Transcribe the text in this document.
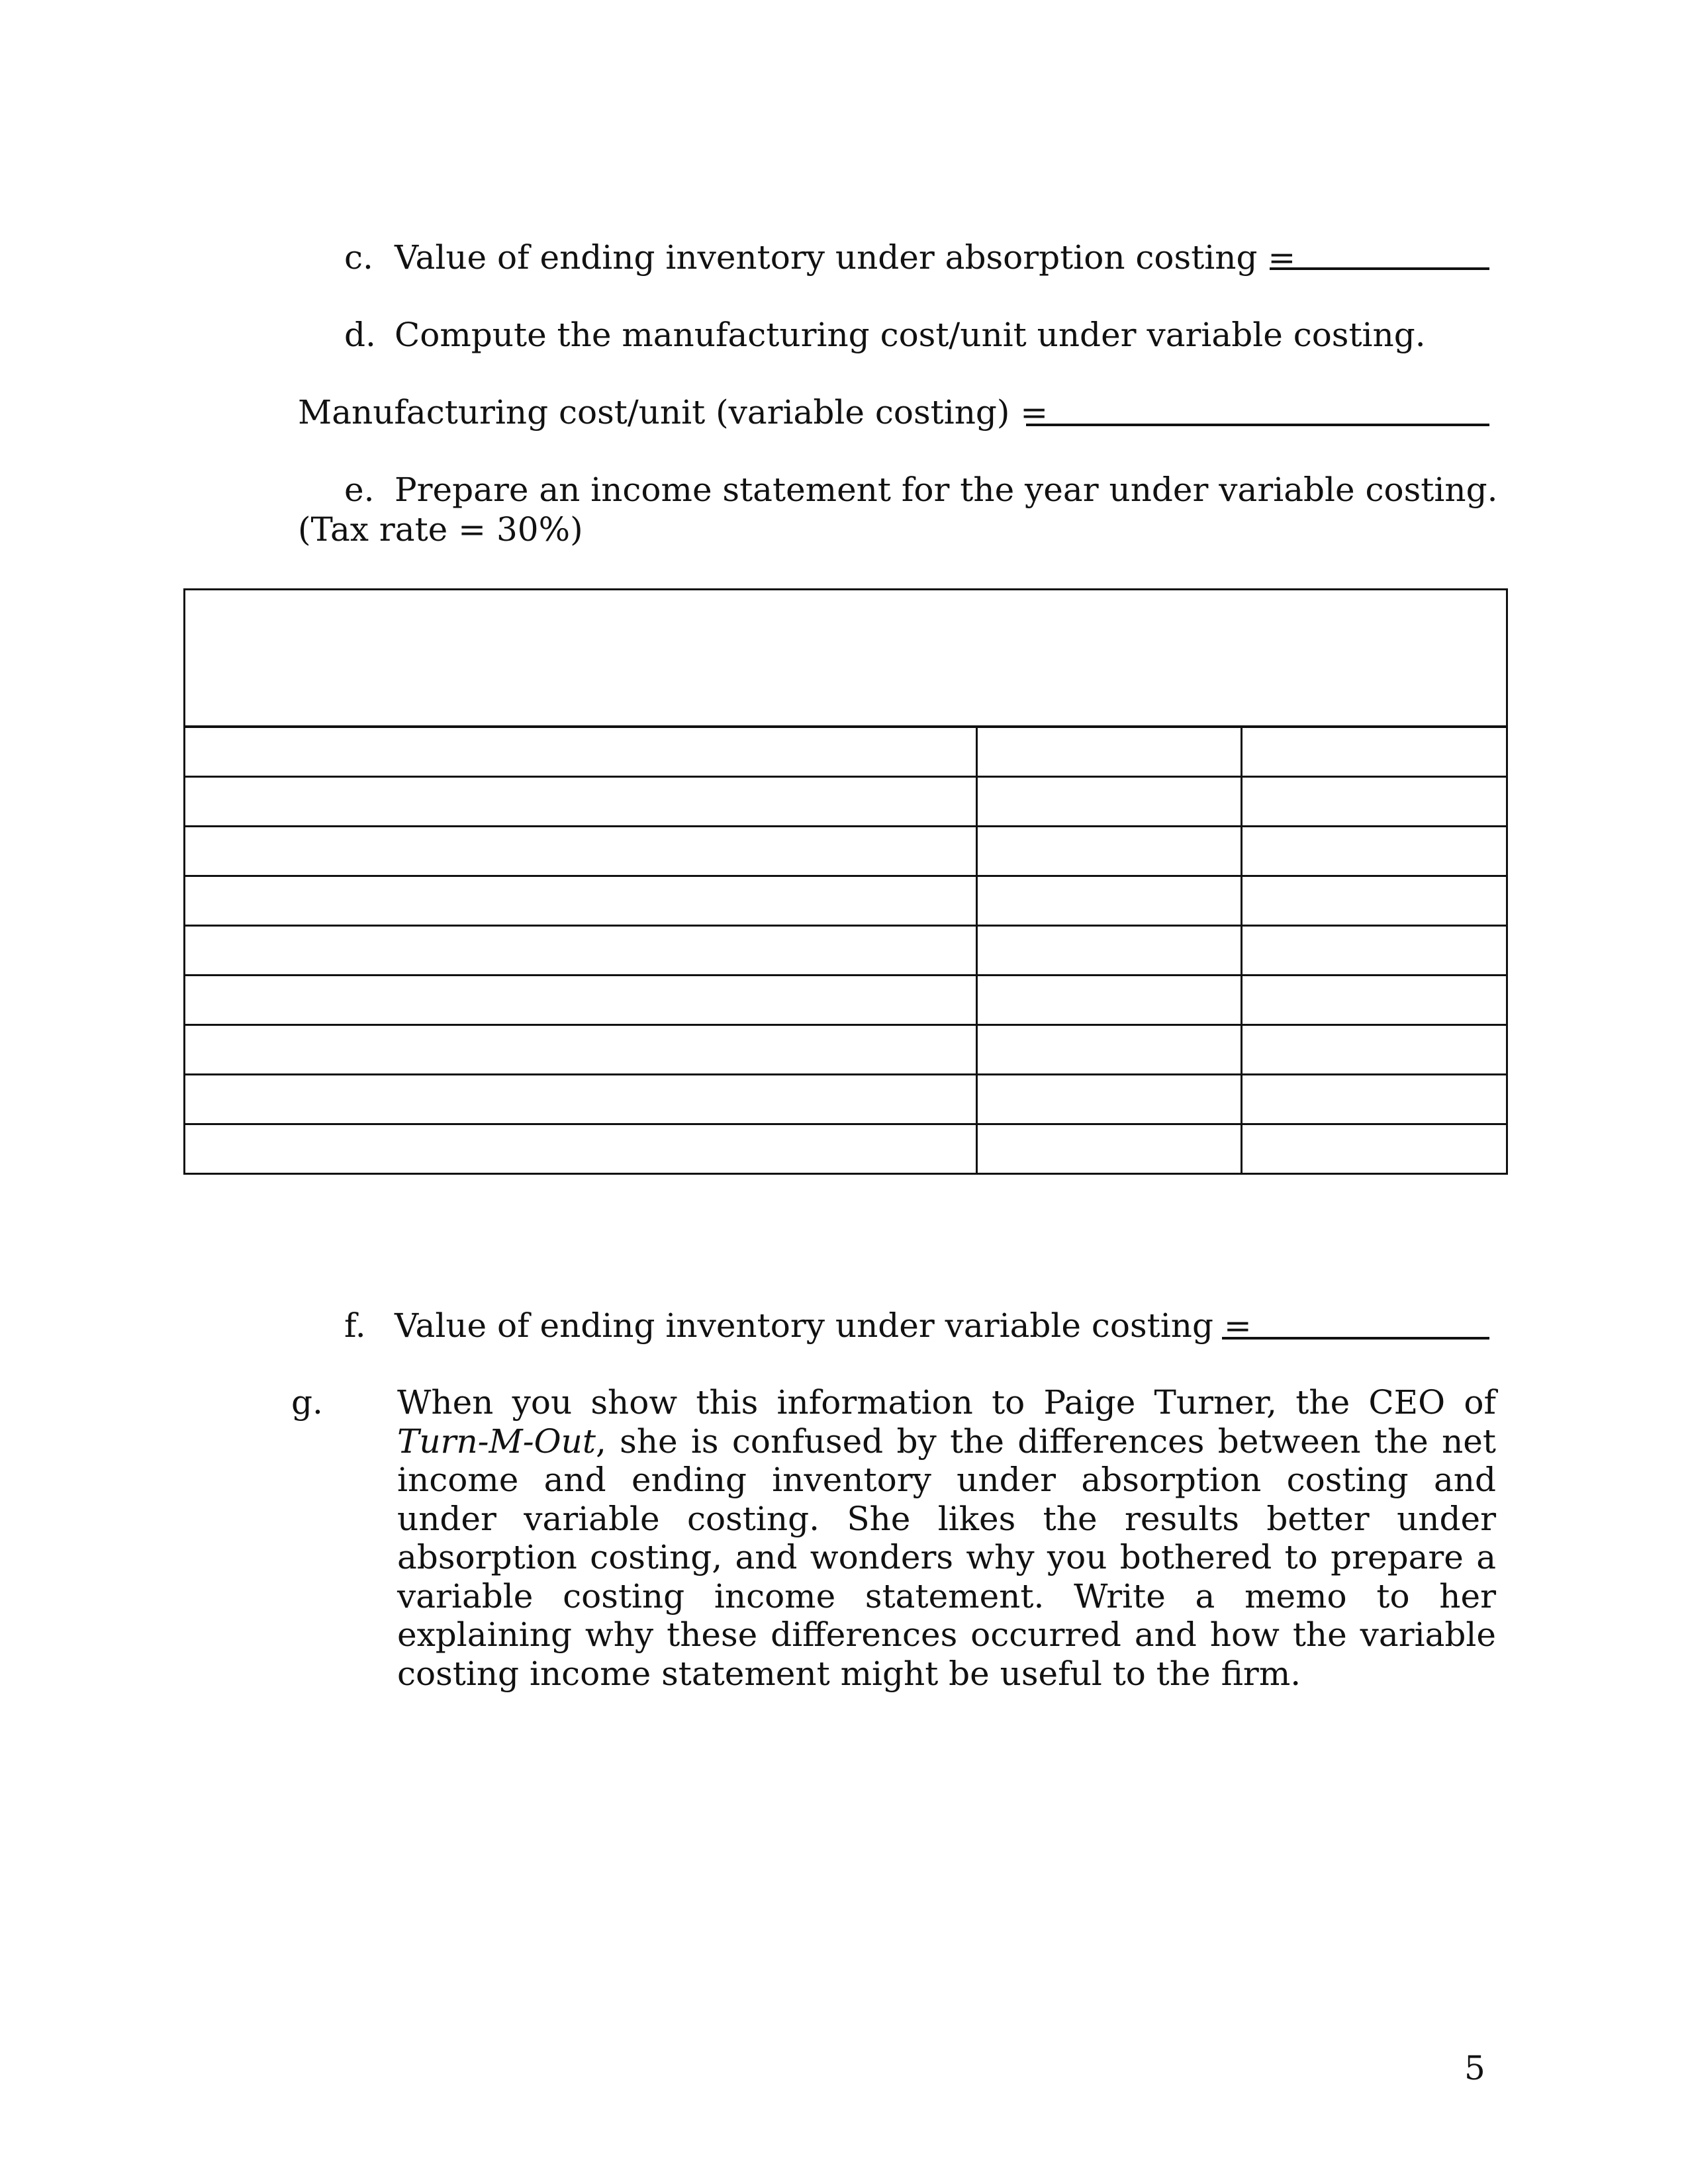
c. Value of ending inventory under absorption costing =
d. Compute the manufacturing cost/unit under variable costing.
Manufacturing cost/unit (variable costing) =
e. Prepare an income statement for the year under variable costing.
(Tax rate = 30%)

f. Value of ending inventory under variable costing =
g.	When you show this information to Paige Turner, the CEO of Turn-M-Out, she is confused by the differences between the net income and ending inventory under absorption costing and under variable costing. She likes the results better under absorption costing, and wonders why you bothered to prepare a variable costing income statement. Write a memo to her explaining why these differences occurred and how the variable costing income statement might be useful to the firm.
5
